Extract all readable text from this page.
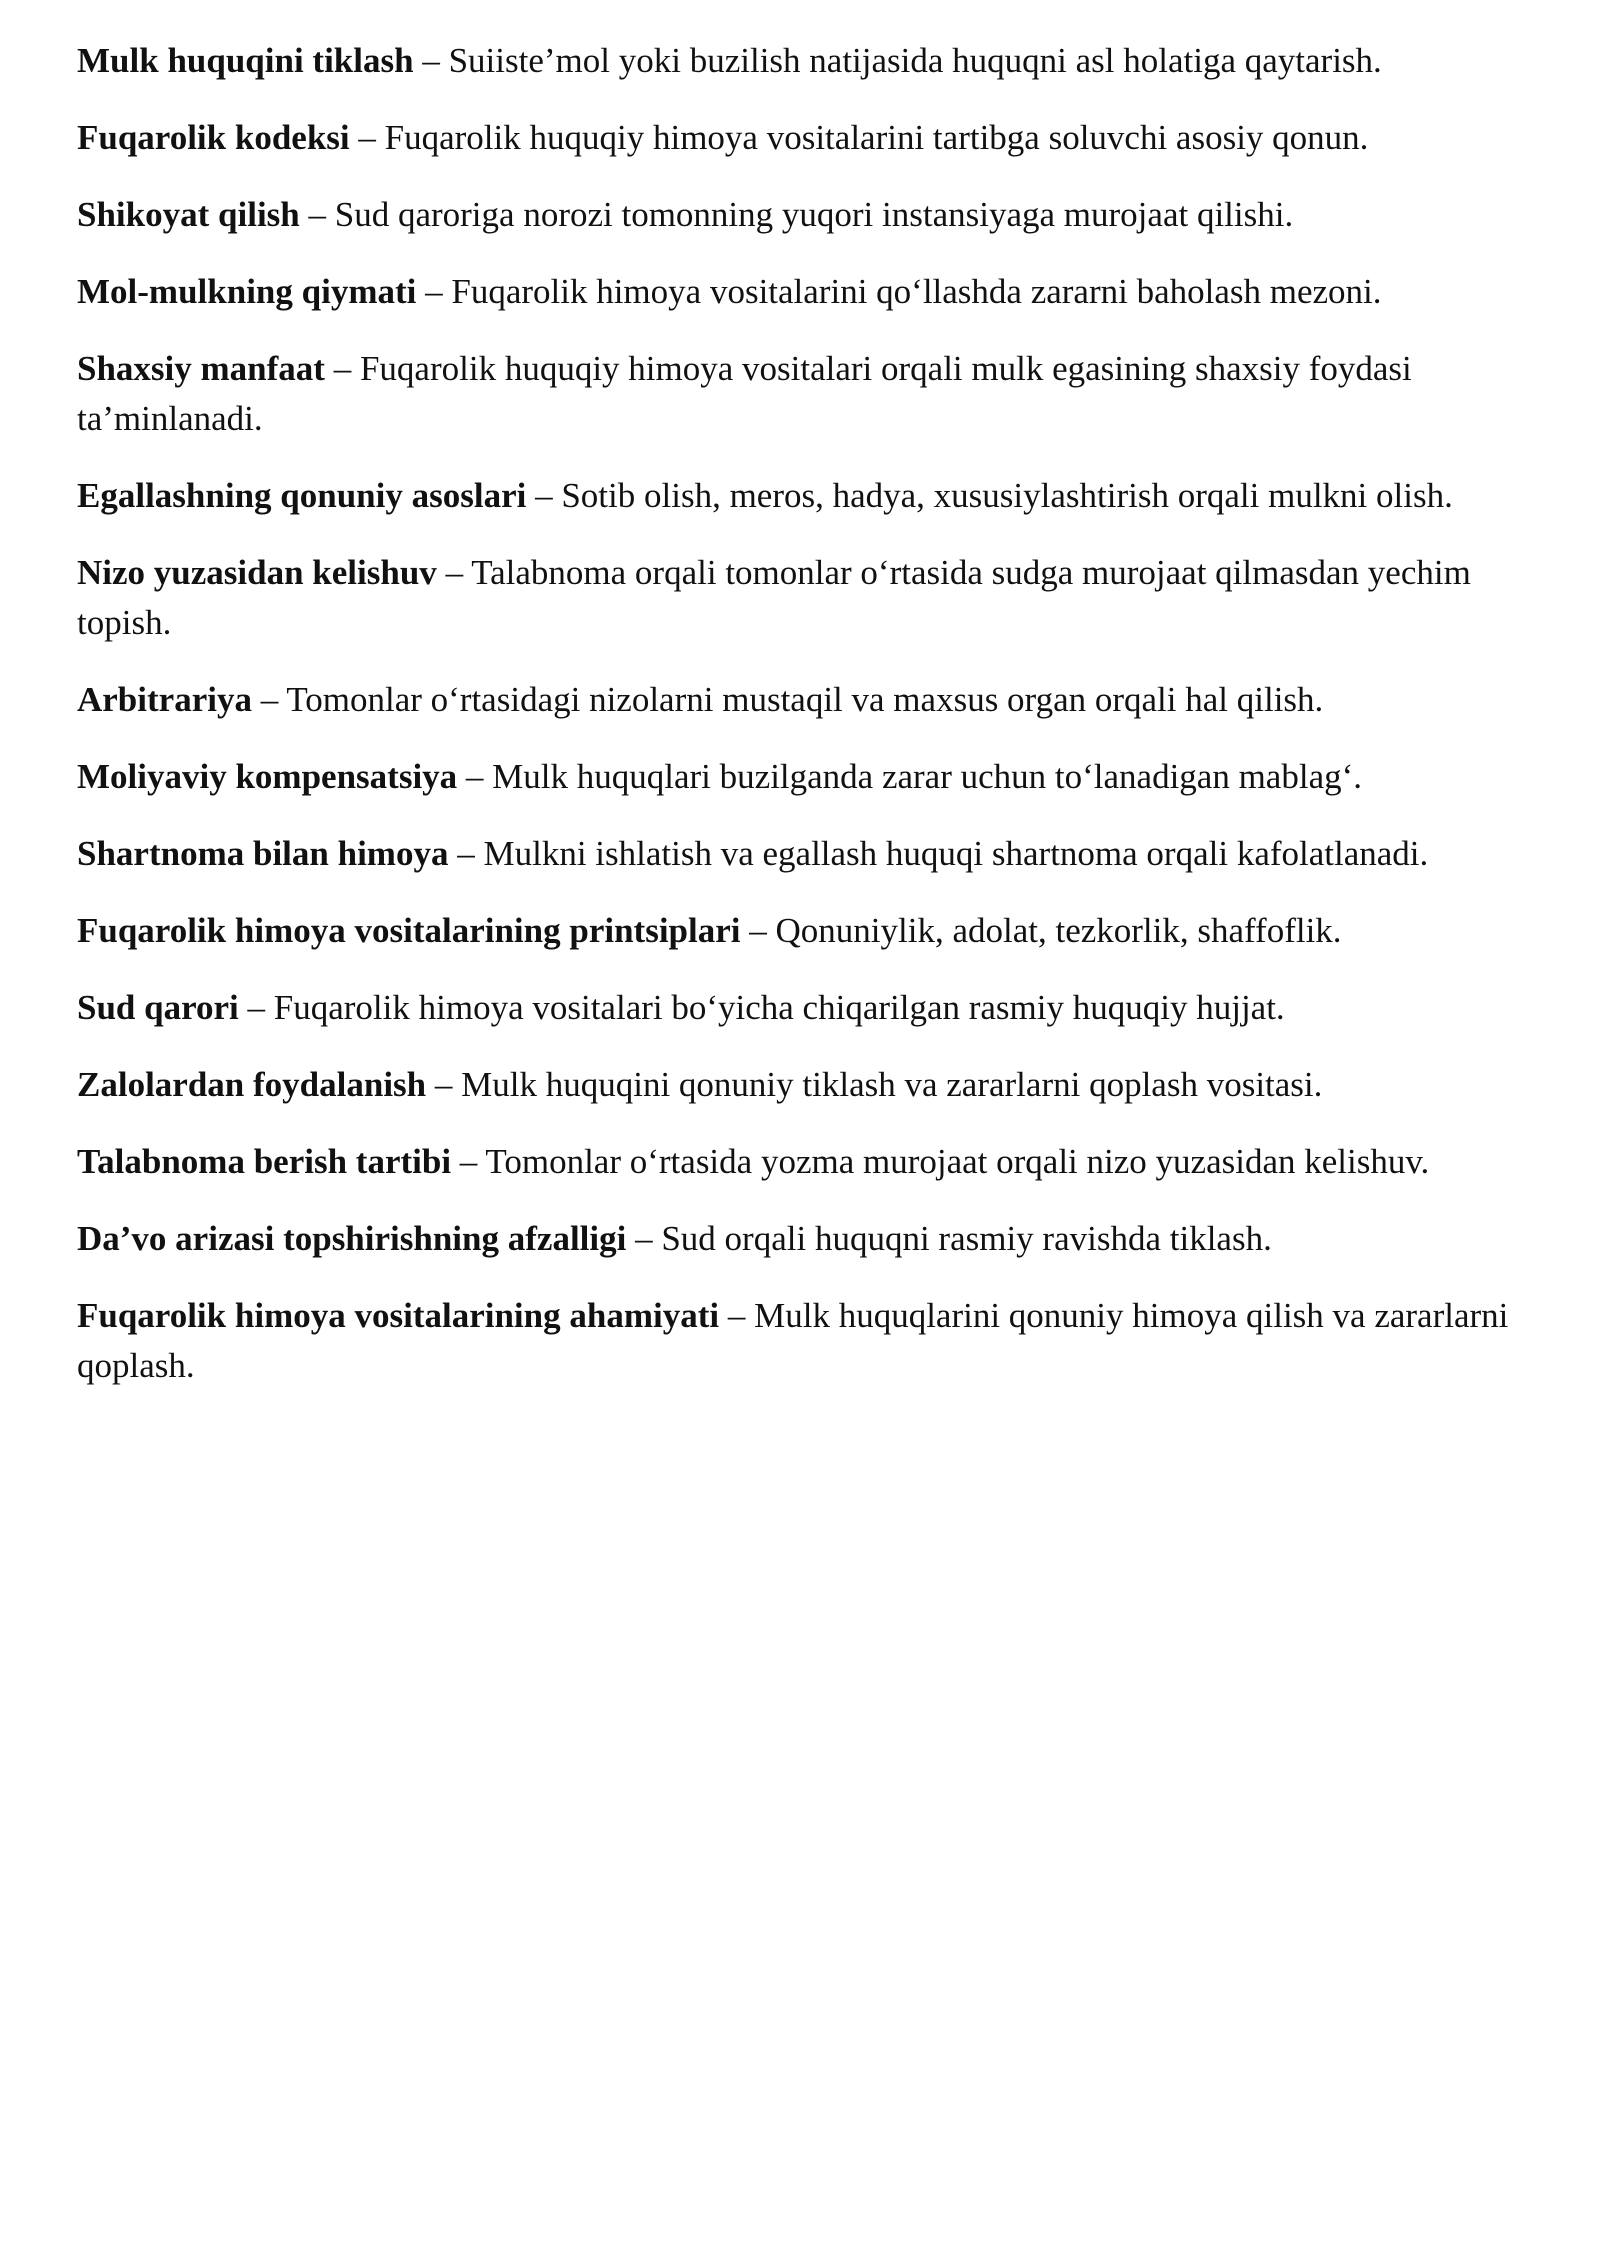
Mulk huquqini tiklash – Suiiste’mol yoki buzilish natijasida huquqni asl holatiga qaytarish.

Fuqarolik kodeksi – Fuqarolik huquqiy himoya vositalarini tartibga soluvchi asosiy qonun.

Shikoyat qilish – Sud qaroriga norozi tomonning yuqori instansiyaga murojaat qilishi.

Mol-mulkning qiymati – Fuqarolik himoya vositalarini qo‘llashda zararni baholash mezoni.

Shaxsiy manfaat – Fuqarolik huquqiy himoya vositalari orqali mulk egasining shaxsiy foydasi ta’minlanadi.

Egallashning qonuniy asoslari – Sotib olish, meros, hadya, xususiylashtirish orqali mulkni olish.

Nizo yuzasidan kelishuv – Talabnoma orqali tomonlar o‘rtasida sudga murojaat qilmasdan yechim topish.

Arbitrariya – Tomonlar o‘rtasidagi nizolarni mustaqil va maxsus organ orqali hal qilish.

Moliyaviy kompensatsiya – Mulk huquqlari buzilganda zarar uchun to‘lanadigan mablag‘.

Shartnoma bilan himoya – Mulkni ishlatish va egallash huquqi shartnoma orqali kafolatlanadi.

Fuqarolik himoya vositalarining printsiplari – Qonuniylik, adolat, tezkorlik, shaffoflik.

Sud qarori – Fuqarolik himoya vositalari bo‘yicha chiqarilgan rasmiy huquqiy hujjat.

Zalolardan foydalanish – Mulk huquqini qonuniy tiklash va zararlarni qoplash vositasi.

Talabnoma berish tartibi – Tomonlar o‘rtasida yozma murojaat orqali nizo yuzasidan kelishuv.

Da’vo arizasi topshirishning afzalligi – Sud orqali huquqni rasmiy ravishda tiklash.

Fuqarolik himoya vositalarining ahamiyati – Mulk huquqlarini qonuniy himoya qilish va zararlarni qoplash.
